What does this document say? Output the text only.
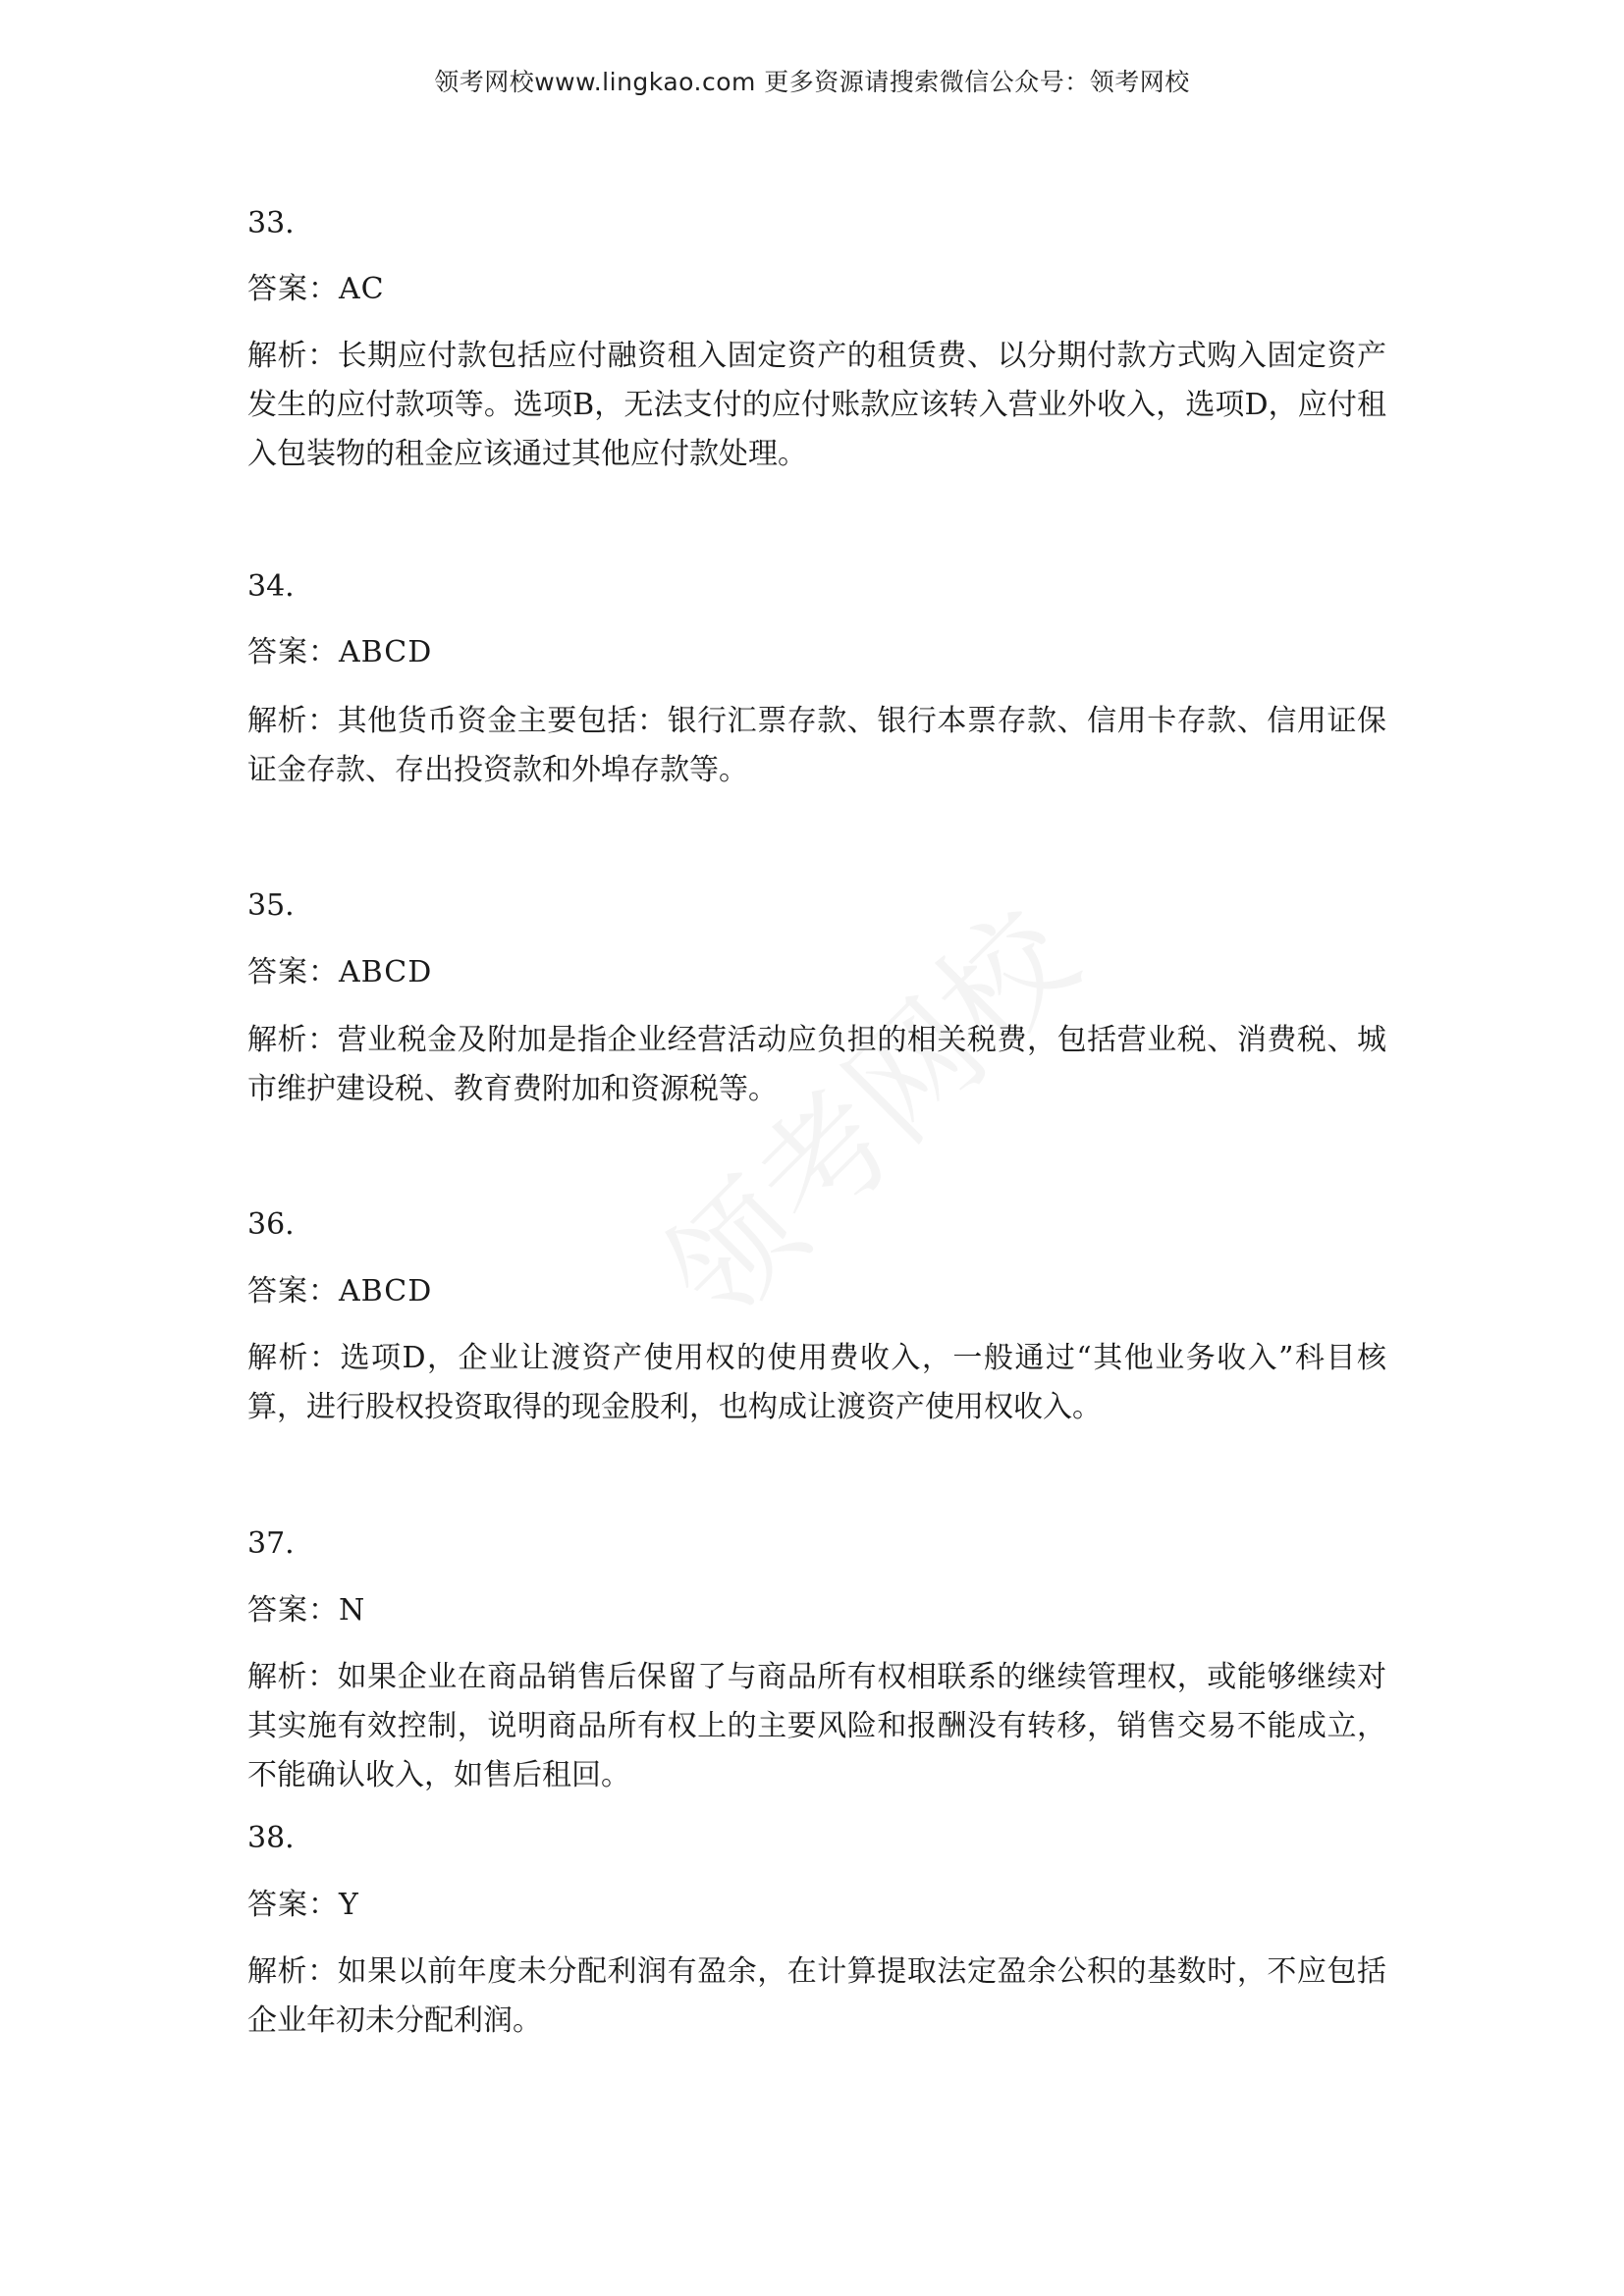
领考网校www.lingkao.com 更多资源请搜索微信公众号：领考网校

33.

答案：AC

解析：长期应付款包括应付融资租入固定资产的租赁费、以分期付款方式购入固定资产发生的应付款项等。选项B，无法支付的应付账款应该转入营业外收入，选项D，应付租入包装物的租金应该通过其他应付款处理。

34.

答案：ABCD

解析：其他货币资金主要包括：银行汇票存款、银行本票存款、信用卡存款、信用证保证金存款、存出投资款和外埠存款等。

35.

答案：ABCD

解析：营业税金及附加是指企业经营活动应负担的相关税费，包括营业税、消费税、城市维护建设税、教育费附加和资源税等。

36.

答案：ABCD

解析：选项D，企业让渡资产使用权的使用费收入，一般通过“其他业务收入”科目核算，进行股权投资取得的现金股利，也构成让渡资产使用权收入。

37.

答案：N

解析：如果企业在商品销售后保留了与商品所有权相联系的继续管理权，或能够继续对其实施有效控制，说明商品所有权上的主要风险和报酬没有转移，销售交易不能成立，不能确认收入，如售后租回。

38.

答案：Y

解析：如果以前年度未分配利润有盈余，在计算提取法定盈余公积的基数时，不应包括企业年初未分配利润。
